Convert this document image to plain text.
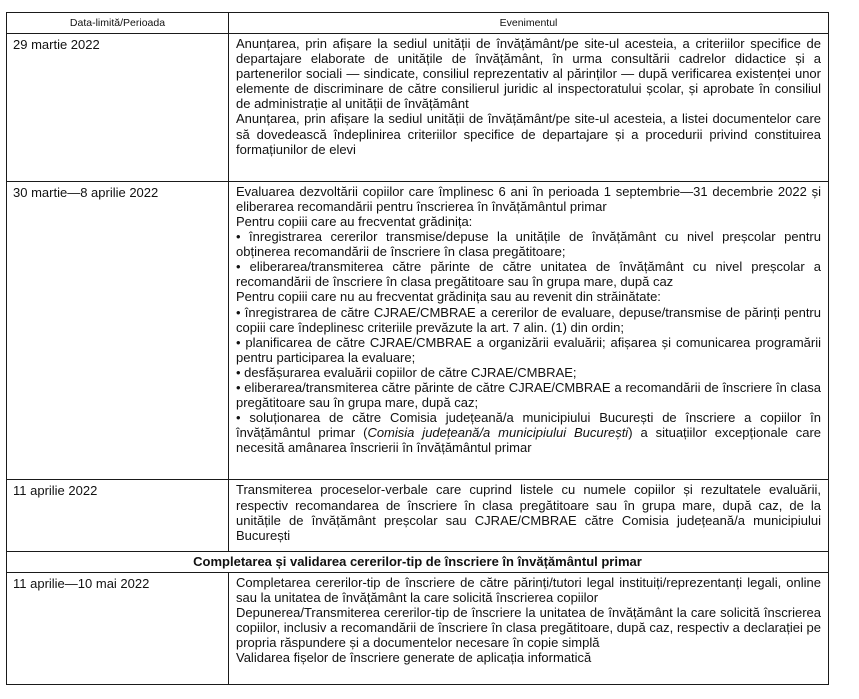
Data-limită/Perioada	Evenimentul
29 martie 2022	Anunțarea, prin afișare la sediul unității de învățământ/pe site-ul acesteia, a criteriilor specifice de departajare elaborate de unitățile de învățământ, în urma consultării cadrelor didactice și a partenerilor sociali — sindicate, consiliul reprezentativ al părinților — după verificarea existenței unor elemente de discriminare de către consilierul juridic al inspectoratului școlar, și aprobate în consiliul de administrație al unității de învățământ
Anunțarea, prin afișare la sediul unității de învățământ/pe site-ul acesteia, a listei documentelor care să dovedească îndeplinirea criteriilor specifice de departajare și a procedurii privind constituirea formațiunilor de elevi

30 martie—8 aprilie 2022	Evaluarea dezvoltării copiilor care împlinesc 6 ani în perioada 1 septembrie—31 decembrie 2022 și eliberarea recomandării pentru înscrierea în învățământul primar
Pentru copiii care au frecventat grădinița:
• înregistrarea cererilor transmise/depuse la unitățile de învățământ cu nivel preșcolar pentru obținerea recomandării de înscriere în clasa pregătitoare;
• eliberarea/transmiterea către părinte de către unitatea de învățământ cu nivel preșcolar a recomandării de înscriere în clasa pregătitoare sau în grupa mare, după caz
Pentru copiii care nu au frecventat grădinița sau au revenit din străinătate:
• înregistrarea de către CJRAE/CMBRAE a cererilor de evaluare, depuse/transmise de părinți pentru copiii care îndeplinesc criteriile prevăzute la art. 7 alin. (1) din ordin;
• planificarea de către CJRAE/CMBRAE a organizării evaluării; afișarea și comunicarea programării pentru participarea la evaluare;
• desfășurarea evaluării copiilor de către CJRAE/CMBRAE;
• eliberarea/transmiterea către părinte de către CJRAE/CMBRAE a recomandării de înscriere în clasa pregătitoare sau în grupa mare, după caz;
• soluționarea de către Comisia județeană/a municipiului București de înscriere a copiilor în învățământul primar (Comisia județeană/a municipiului București) a situațiilor excepționale care necesită amânarea înscrierii în învățământul primar

11 aprilie 2022	Transmiterea proceselor-verbale care cuprind listele cu numele copiilor și rezultatele evaluării, respectiv recomandarea de înscriere în clasa pregătitoare sau în grupa mare, după caz, de la unitățile de învățământ preșcolar sau CJRAE/CMBRAE către Comisia județeană/a municipiului București

Completarea și validarea cererilor-tip de înscriere în învățământul primar	
11 aprilie—10 mai 2022	Completarea cererilor-tip de înscriere de către părinți/tutori legal instituiți/reprezentanți legali, online sau la unitatea de învățământ la care solicită înscrierea copiilor
Depunerea/Transmiterea cererilor-tip de înscriere la unitatea de învățământ la care solicită înscrierea copiilor, inclusiv a recomandării de înscriere în clasa pregătitoare, după caz, respectiv a declarației pe propria răspundere și a documentelor necesare în copie simplă
Validarea fișelor de înscriere generate de aplicația informatică
